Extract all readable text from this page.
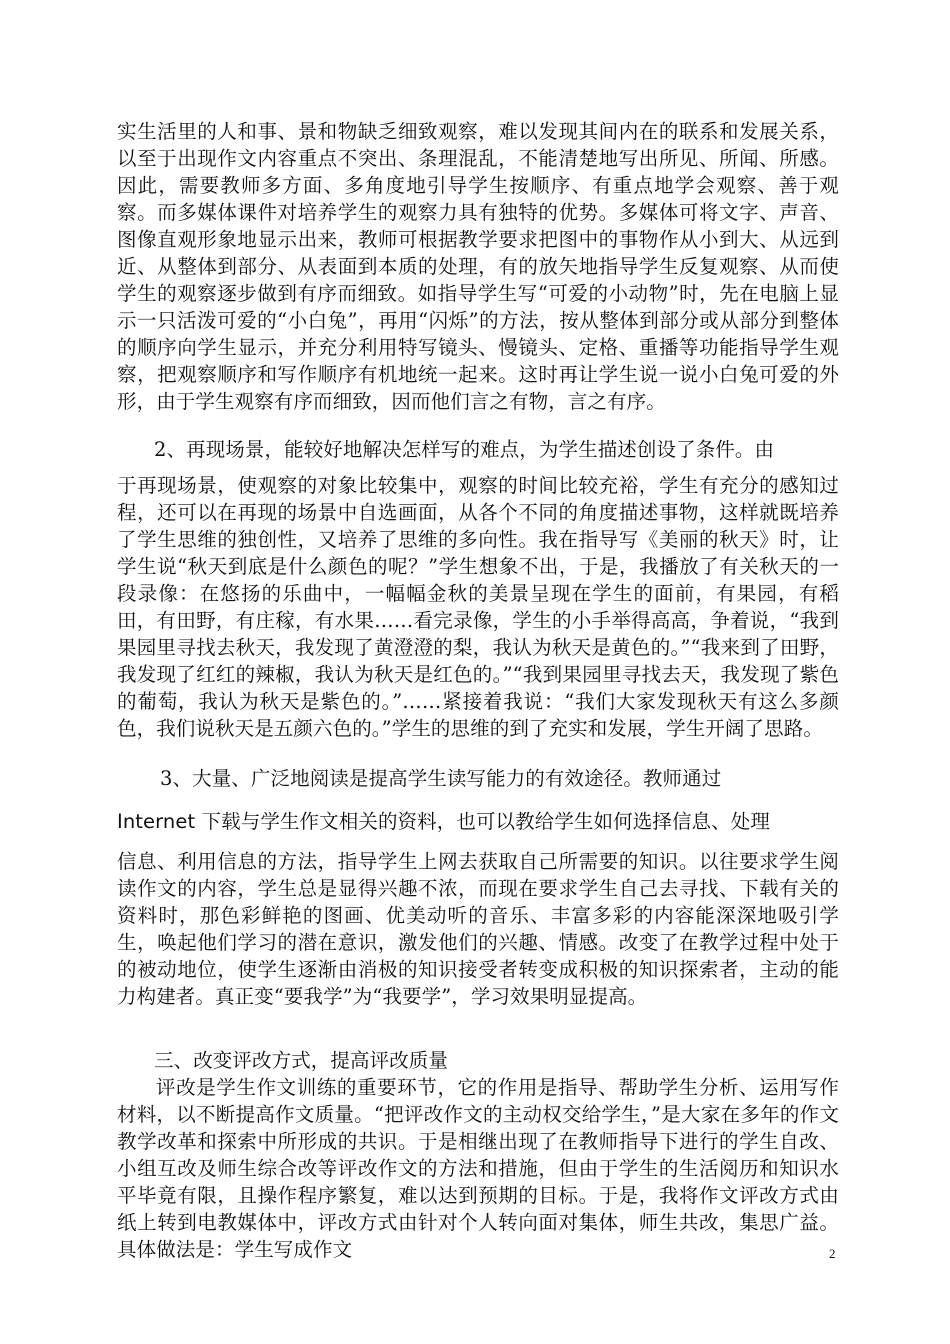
实生活里的人和事、景和物缺乏细致观察，难以发现其间内在的联系和发展关系，以至于出现作文内容重点不突出、条理混乱，不能清楚地写出所见、所闻、所感。因此，需要教师多方面、多角度地引导学生按顺序、有重点地学会观察、善于观察。而多媒体课件对培养学生的观察力具有独特的优势。多媒体可将文字、声音、图像直观形象地显示出来，教师可根据教学要求把图中的事物作从小到大、从远到近、从整体到部分、从表面到本质的处理，有的放矢地指导学生反复观察、从而使学生的观察逐步做到有序而细致。如指导学生写“可爱的小动物”时，先在电脑上显示一只活泼可爱的“小白兔”，再用“闪烁”的方法，按从整体到部分或从部分到整体的顺序向学生显示，并充分利用特写镜头、慢镜头、定格、重播等功能指导学生观察，把观察顺序和写作顺序有机地统一起来。这时再让学生说一说小白兔可爱的外形，由于学生观察有序而细致，因而他们言之有物，言之有序。

2、再现场景，能较好地解决怎样写的难点，为学生描述创设了条件。由

于再现场景，使观察的对象比较集中，观察的时间比较充裕，学生有充分的感知过程，还可以在再现的场景中自选画面，从各个不同的角度描述事物，这样就既培养了学生思维的独创性，又培养了思维的多向性。我在指导写《美丽的秋天》时，让学生说“秋天到底是什么颜色的呢？”学生想象不出，于是，我播放了有关秋天的一段录像：在悠扬的乐曲中，一幅幅金秋的美景呈现在学生的面前，有果园，有稻田，有田野，有庄稼，有水果……看完录像，学生的小手举得高高，争着说，“我到果园里寻找去秋天，我发现了黄澄澄的梨，我认为秋天是黄色的。”“我来到了田野，我发现了红红的辣椒，我认为秋天是红色的。”“我到果园里寻找去天，我发现了紫色的葡萄，我认为秋天是紫色的。”……紧接着我说：“我们大家发现秋天有这么多颜色，我们说秋天是五颜六色的。”学生的思维的到了充实和发展，学生开阔了思路。

3、大量、广泛地阅读是提高学生读写能力的有效途径。教师通过

Internet 下载与学生作文相关的资料，也可以教给学生如何选择信息、处理

信息、利用信息的方法，指导学生上网去获取自己所需要的知识。以往要求学生阅读作文的内容，学生总是显得兴趣不浓，而现在要求学生自己去寻找、下载有关的资料时，那色彩鲜艳的图画、优美动听的音乐、丰富多彩的内容能深深地吸引学生，唤起他们学习的潜在意识，激发他们的兴趣、情感。改变了在教学过程中处于的被动地位，使学生逐渐由消极的知识接受者转变成积极的知识探索者，主动的能力构建者。真正变“要我学”为“我要学”，学习效果明显提高。

三、改变评改方式，提高评改质量

评改是学生作文训练的重要环节，它的作用是指导、帮助学生分析、运用写作材料，以不断提高作文质量。“把评改作文的主动权交给学生，”是大家在多年的作文教学改革和探索中所形成的共识。于是相继出现了在教师指导下进行的学生自改、小组互改及师生综合改等评改作文的方法和措施，但由于学生的生活阅历和知识水平毕竟有限，且操作程序繁复，难以达到预期的目标。于是，我将作文评改方式由纸上转到电教媒体中，评改方式由针对个人转向面对集体，师生共改，集思广益。具体做法是：学生写成作文	2
